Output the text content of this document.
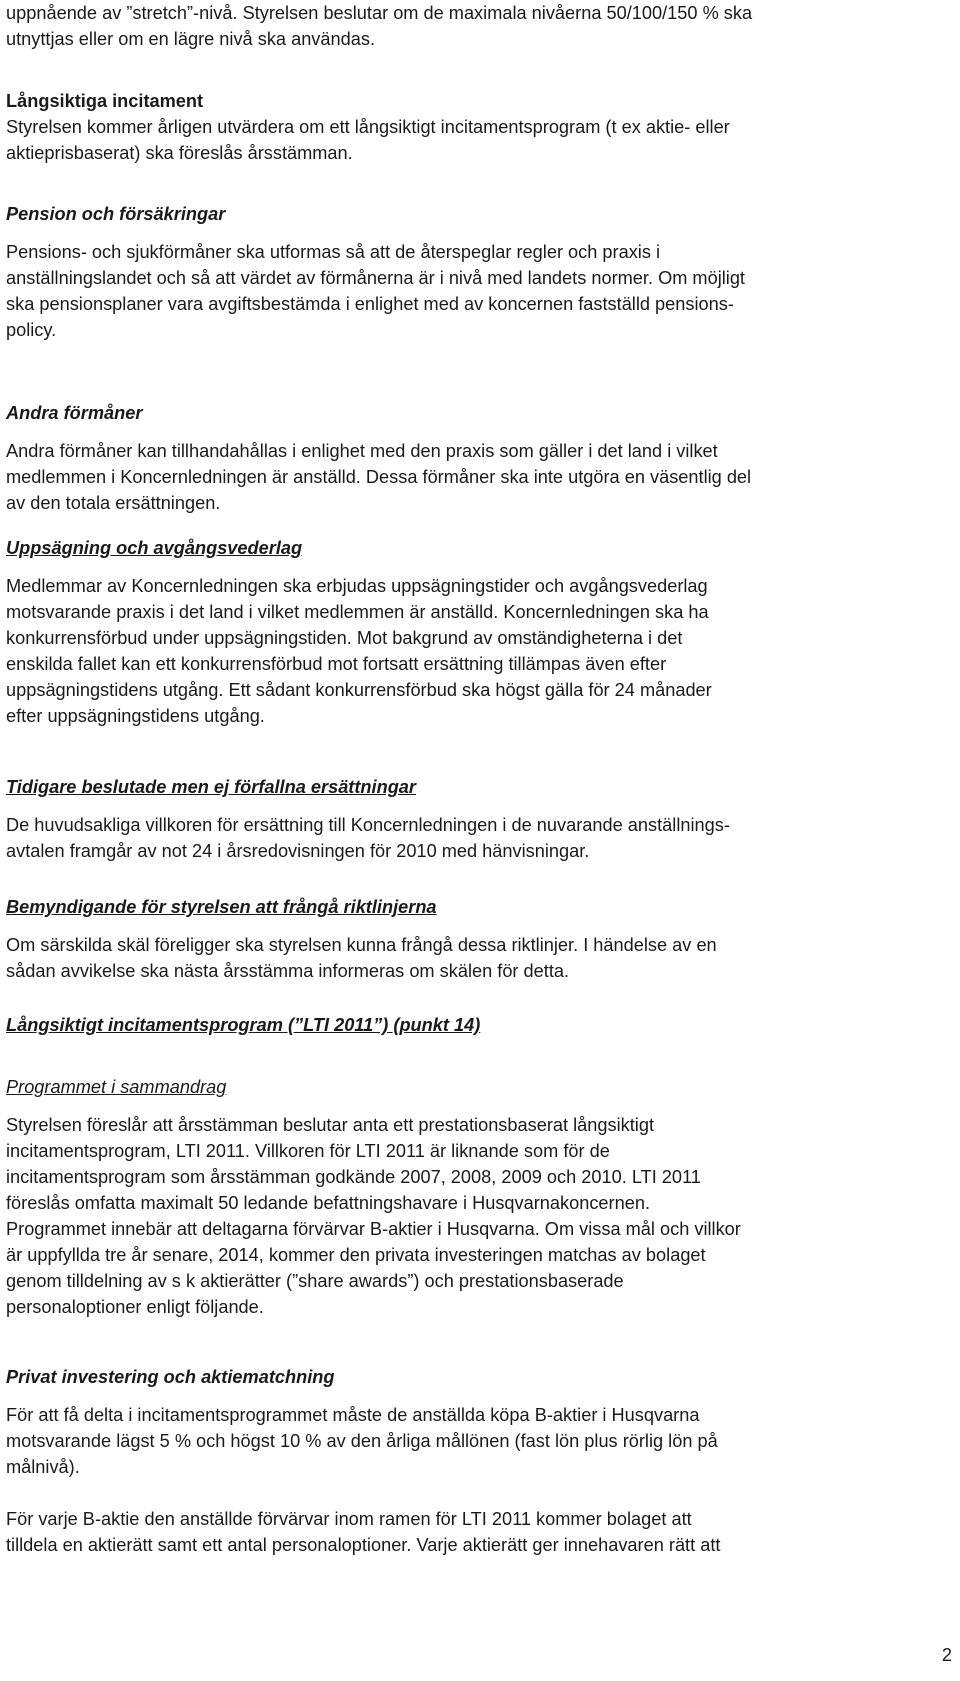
uppnående av ”stretch”-nivå. Styrelsen beslutar om de maximala nivåerna 50/100/150 % ska

utnyttjas eller om en lägre nivå ska användas.

Långsiktiga incitament

Styrelsen kommer årligen utvärdera om ett långsiktigt incitamentsprogram (t ex aktie- eller

aktieprisbaserat) ska föreslås årsstämman.

Pension och försäkringar

Pensions- och sjukförmåner ska utformas så att de återspeglar regler och praxis i

anställningslandet och så att värdet av förmånerna är i nivå med landets normer. Om möjligt

ska pensionsplaner vara avgiftsbestämda i enlighet med av koncernen fastställd pensions-

policy.

Andra förmåner

Andra förmåner kan tillhandahållas i enlighet med den praxis som gäller i det land i vilket

medlemmen i Koncernledningen är anställd. Dessa förmåner ska inte utgöra en väsentlig del

av den totala ersättningen.

Uppsägning och avgångsvederlag

Medlemmar av Koncernledningen ska erbjudas uppsägningstider och avgångsvederlag

motsvarande praxis i det land i vilket medlemmen är anställd. Koncernledningen ska ha

konkurrensförbud under uppsägningstiden. Mot bakgrund av omständigheterna i det

enskilda fallet kan ett konkurrensförbud mot fortsatt ersättning tillämpas även efter

uppsägningstidens utgång. Ett sådant konkurrensförbud ska högst gälla för 24 månader

efter uppsägningstidens utgång.

Tidigare beslutade men ej förfallna ersättningar

De huvudsakliga villkoren för ersättning till Koncernledningen i de nuvarande anställnings-

avtalen framgår av not 24 i årsredovisningen för 2010 med hänvisningar.

Bemyndigande för styrelsen att frångå riktlinjerna

Om särskilda skäl föreligger ska styrelsen kunna frångå dessa riktlinjer. I händelse av en

sådan avvikelse ska nästa årsstämma informeras om skälen för detta.

Långsiktigt incitamentsprogram (”LTI 2011”) (punkt 14)

Programmet i sammandrag

Styrelsen föreslår att årsstämman beslutar anta ett prestationsbaserat långsiktigt

incitamentsprogram, LTI 2011. Villkoren för LTI 2011 är liknande som för de

incitamentsprogram som årsstämman godkände 2007, 2008, 2009 och 2010. LTI 2011

föreslås omfatta maximalt 50 ledande befattningshavare i Husqvarnakoncernen.

Programmet innebär att deltagarna förvärvar B-aktier i Husqvarna. Om vissa mål och villkor

är uppfyllda tre år senare, 2014, kommer den privata investeringen matchas av bolaget

genom tilldelning av s k aktierätter (”share awards”) och prestationsbaserade

personaloptioner enligt följande.

Privat investering och aktiematchning

För att få delta i incitamentsprogrammet måste de anställda köpa B-aktier i Husqvarna

motsvarande lägst 5 % och högst 10 % av den årliga mållönen (fast lön plus rörlig lön på

målnivå).

För varje B-aktie den anställde förvärvar inom ramen för LTI 2011 kommer bolaget att

tilldela en aktierätt samt ett antal personaloptioner. Varje aktierätt ger innehavaren rätt att

2
